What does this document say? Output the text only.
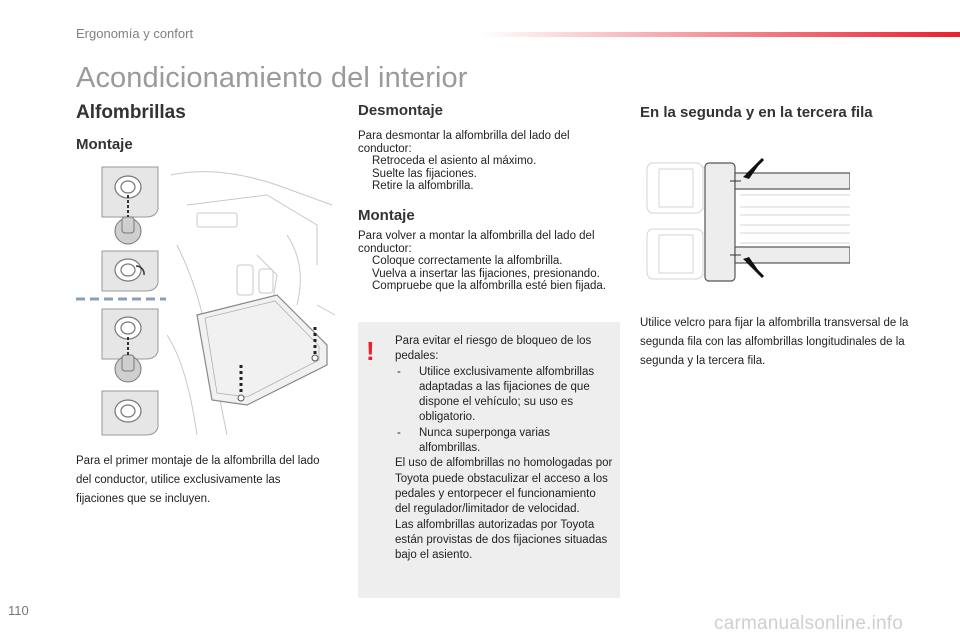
Ergonomía y confort
Acondicionamiento del interior
Alfombrillas
Montaje
Para el primer montaje de la alfombrilla del lado del conductor, utilice exclusivamente las fijaciones que se incluyen.
Desmontaje
Para desmontar la alfombrilla del lado del conductor:
Retroceda el asiento al máximo.
Suelte las fijaciones.
Retire la alfombrilla.
Montaje
Para volver a montar la alfombrilla del lado del conductor:
Coloque correctamente la alfombrilla.
Vuelva a insertar las fijaciones, presionando.
Compruebe que la alfombrilla esté bien fijada.
! Para evitar el riesgo de bloqueo de los pedales:
-	Utilice exclusivamente alfombrillas adaptadas a las fijaciones de que dispone el vehículo; su uso es obligatorio.
-	Nunca superponga varias alfombrillas.
El uso de alfombrillas no homologadas por Toyota puede obstaculizar el acceso a los pedales y entorpecer el funcionamiento del regulador/limitador de velocidad.
Las alfombrillas autorizadas por Toyota están provistas de dos fijaciones situadas bajo el asiento.
En la segunda y en la tercera fila
Utilice velcro para fijar la alfombrilla transversal de la segunda fila con las alfombrillas longitudinales de la segunda y la tercera fila.
110
carmanualsonline.info
